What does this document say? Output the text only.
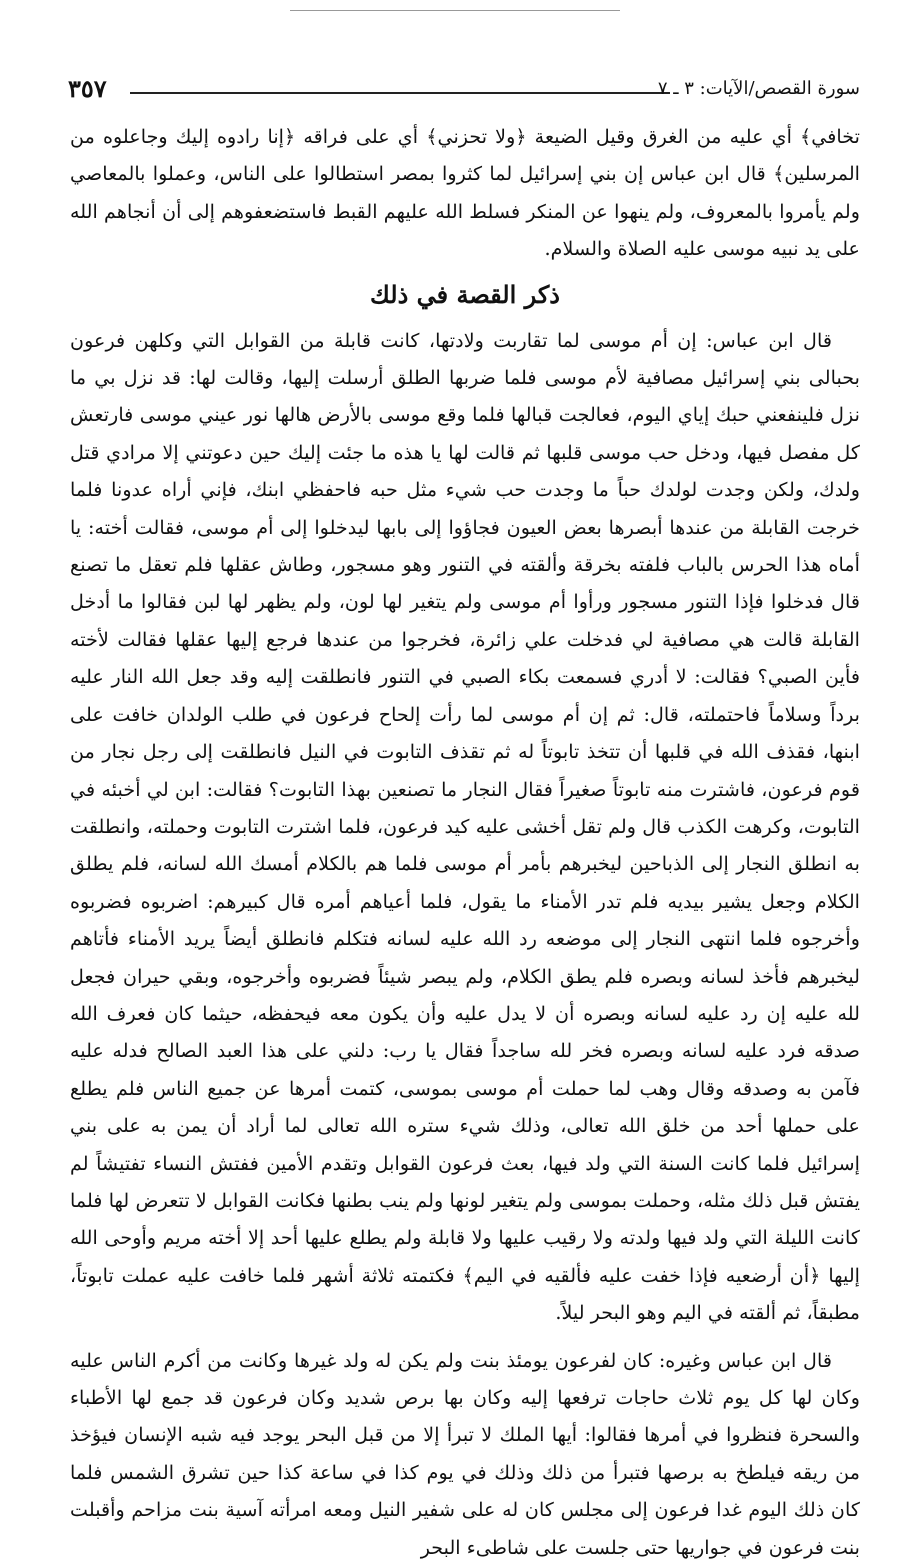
٣٥٧	سورة القصص/الآيات: ٣ ـ ٧

تخافي﴾ أي عليه من الغرق وقيل الضيعة ﴿ولا تحزني﴾ أي على فراقه ﴿إنا رادوه إليك وجاعلوه من المرسلين﴾ قال ابن عباس إن بني إسرائيل لما كثروا بمصر استطالوا على الناس، وعملوا بالمعاصي ولم يأمروا بالمعروف، ولم ينهوا عن المنكر فسلط الله عليهم القبط فاستضعفوهم إلى أن أنجاهم الله على يد نبيه موسى عليه الصلاة والسلام.

ذكر القصة في ذلك

قال ابن عباس: إن أم موسى لما تقاربت ولادتها، كانت قابلة من القوابل التي وكلهن فرعون بحبالى بني إسرائيل مصافية لأم موسى فلما ضربها الطلق أرسلت إليها، وقالت لها: قد نزل بي ما نزل فلينفعني حبك إياي اليوم، فعالجت قبالها فلما وقع موسى بالأرض هالها نور عيني موسى فارتعش كل مفصل فيها، ودخل حب موسى قلبها ثم قالت لها يا هذه ما جئت إليك حين دعوتني إلا مرادي قتل ولدك، ولكن وجدت لولدك حباً ما وجدت حب شيء مثل حبه فاحفظي ابنك، فإني أراه عدونا فلما خرجت القابلة من عندها أبصرها بعض العيون فجاؤوا إلى بابها ليدخلوا إلى أم موسى، فقالت أخته: يا أماه هذا الحرس بالباب فلفته بخرقة وألقته في التنور وهو مسجور، وطاش عقلها فلم تعقل ما تصنع قال فدخلوا فإذا التنور مسجور ورأوا أم موسى ولم يتغير لها لون، ولم يظهر لها لبن فقالوا ما أدخل القابلة قالت هي مصافية لي فدخلت علي زائرة، فخرجوا من عندها فرجع إليها عقلها فقالت لأخته فأين الصبي؟ فقالت: لا أدري فسمعت بكاء الصبي في التنور فانطلقت إليه وقد جعل الله النار عليه برداً وسلاماً فاحتملته، قال: ثم إن أم موسى لما رأت إلحاح فرعون في طلب الولدان خافت على ابنها، فقذف الله في قلبها أن تتخذ تابوتاً له ثم تقذف التابوت في النيل فانطلقت إلى رجل نجار من قوم فرعون، فاشترت منه تابوتاً صغيراً فقال النجار ما تصنعين بهذا التابوت؟ فقالت: ابن لي أخبئه في التابوت، وكرهت الكذب قال ولم تقل أخشى عليه كيد فرعون، فلما اشترت التابوت وحملته، وانطلقت به انطلق النجار إلى الذباحين ليخبرهم بأمر أم موسى فلما هم بالكلام أمسك الله لسانه، فلم يطلق الكلام وجعل يشير بيديه فلم تدر الأمناء ما يقول، فلما أعياهم أمره قال كبيرهم: اضربوه فضربوه وأخرجوه فلما انتهى النجار إلى موضعه رد الله عليه لسانه فتكلم فانطلق أيضاً يريد الأمناء فأتاهم ليخبرهم فأخذ لسانه وبصره فلم يطق الكلام، ولم يبصر شيئاً فضربوه وأخرجوه، وبقي حيران فجعل لله عليه إن رد عليه لسانه وبصره أن لا يدل عليه وأن يكون معه فيحفظه، حيثما كان فعرف الله صدقه فرد عليه لسانه وبصره فخر لله ساجداً فقال يا رب: دلني على هذا العبد الصالح فدله عليه فآمن به وصدقه وقال وهب لما حملت أم موسى بموسى، كتمت أمرها عن جميع الناس فلم يطلع على حملها أحد من خلق الله تعالى، وذلك شيء ستره الله تعالى لما أراد أن يمن به على بني إسرائيل فلما كانت السنة التي ولد فيها، بعث فرعون القوابل وتقدم الأمين ففتش النساء تفتيشاً لم يفتش قبل ذلك مثله، وحملت بموسى ولم يتغير لونها ولم ينب بطنها فكانت القوابل لا تتعرض لها فلما كانت الليلة التي ولد فيها ولدته ولا رقيب عليها ولا قابلة ولم يطلع عليها أحد إلا أخته مريم وأوحى الله إليها ﴿أن أرضعيه فإذا خفت عليه فألقيه في اليم﴾ فكتمته ثلاثة أشهر فلما خافت عليه عملت تابوتاً، مطبقاً، ثم ألقته في اليم وهو البحر ليلاً.

قال ابن عباس وغيره: كان لفرعون يومئذ بنت ولم يكن له ولد غيرها وكانت من أكرم الناس عليه وكان لها كل يوم ثلاث حاجات ترفعها إليه وكان بها برص شديد وكان فرعون قد جمع لها الأطباء والسحرة فنظروا في أمرها فقالوا: أيها الملك لا تبرأ إلا من قبل البحر يوجد فيه شبه الإنسان فيؤخذ من ريقه فيلطخ به برصها فتبرأ من ذلك وذلك في يوم كذا في ساعة كذا حين تشرق الشمس فلما كان ذلك اليوم غدا فرعون إلى مجلس كان له على شفير النيل ومعه امرأته آسية بنت مزاحم وأقبلت بنت فرعون في جواريها حتى جلست على شاطىء البحر
